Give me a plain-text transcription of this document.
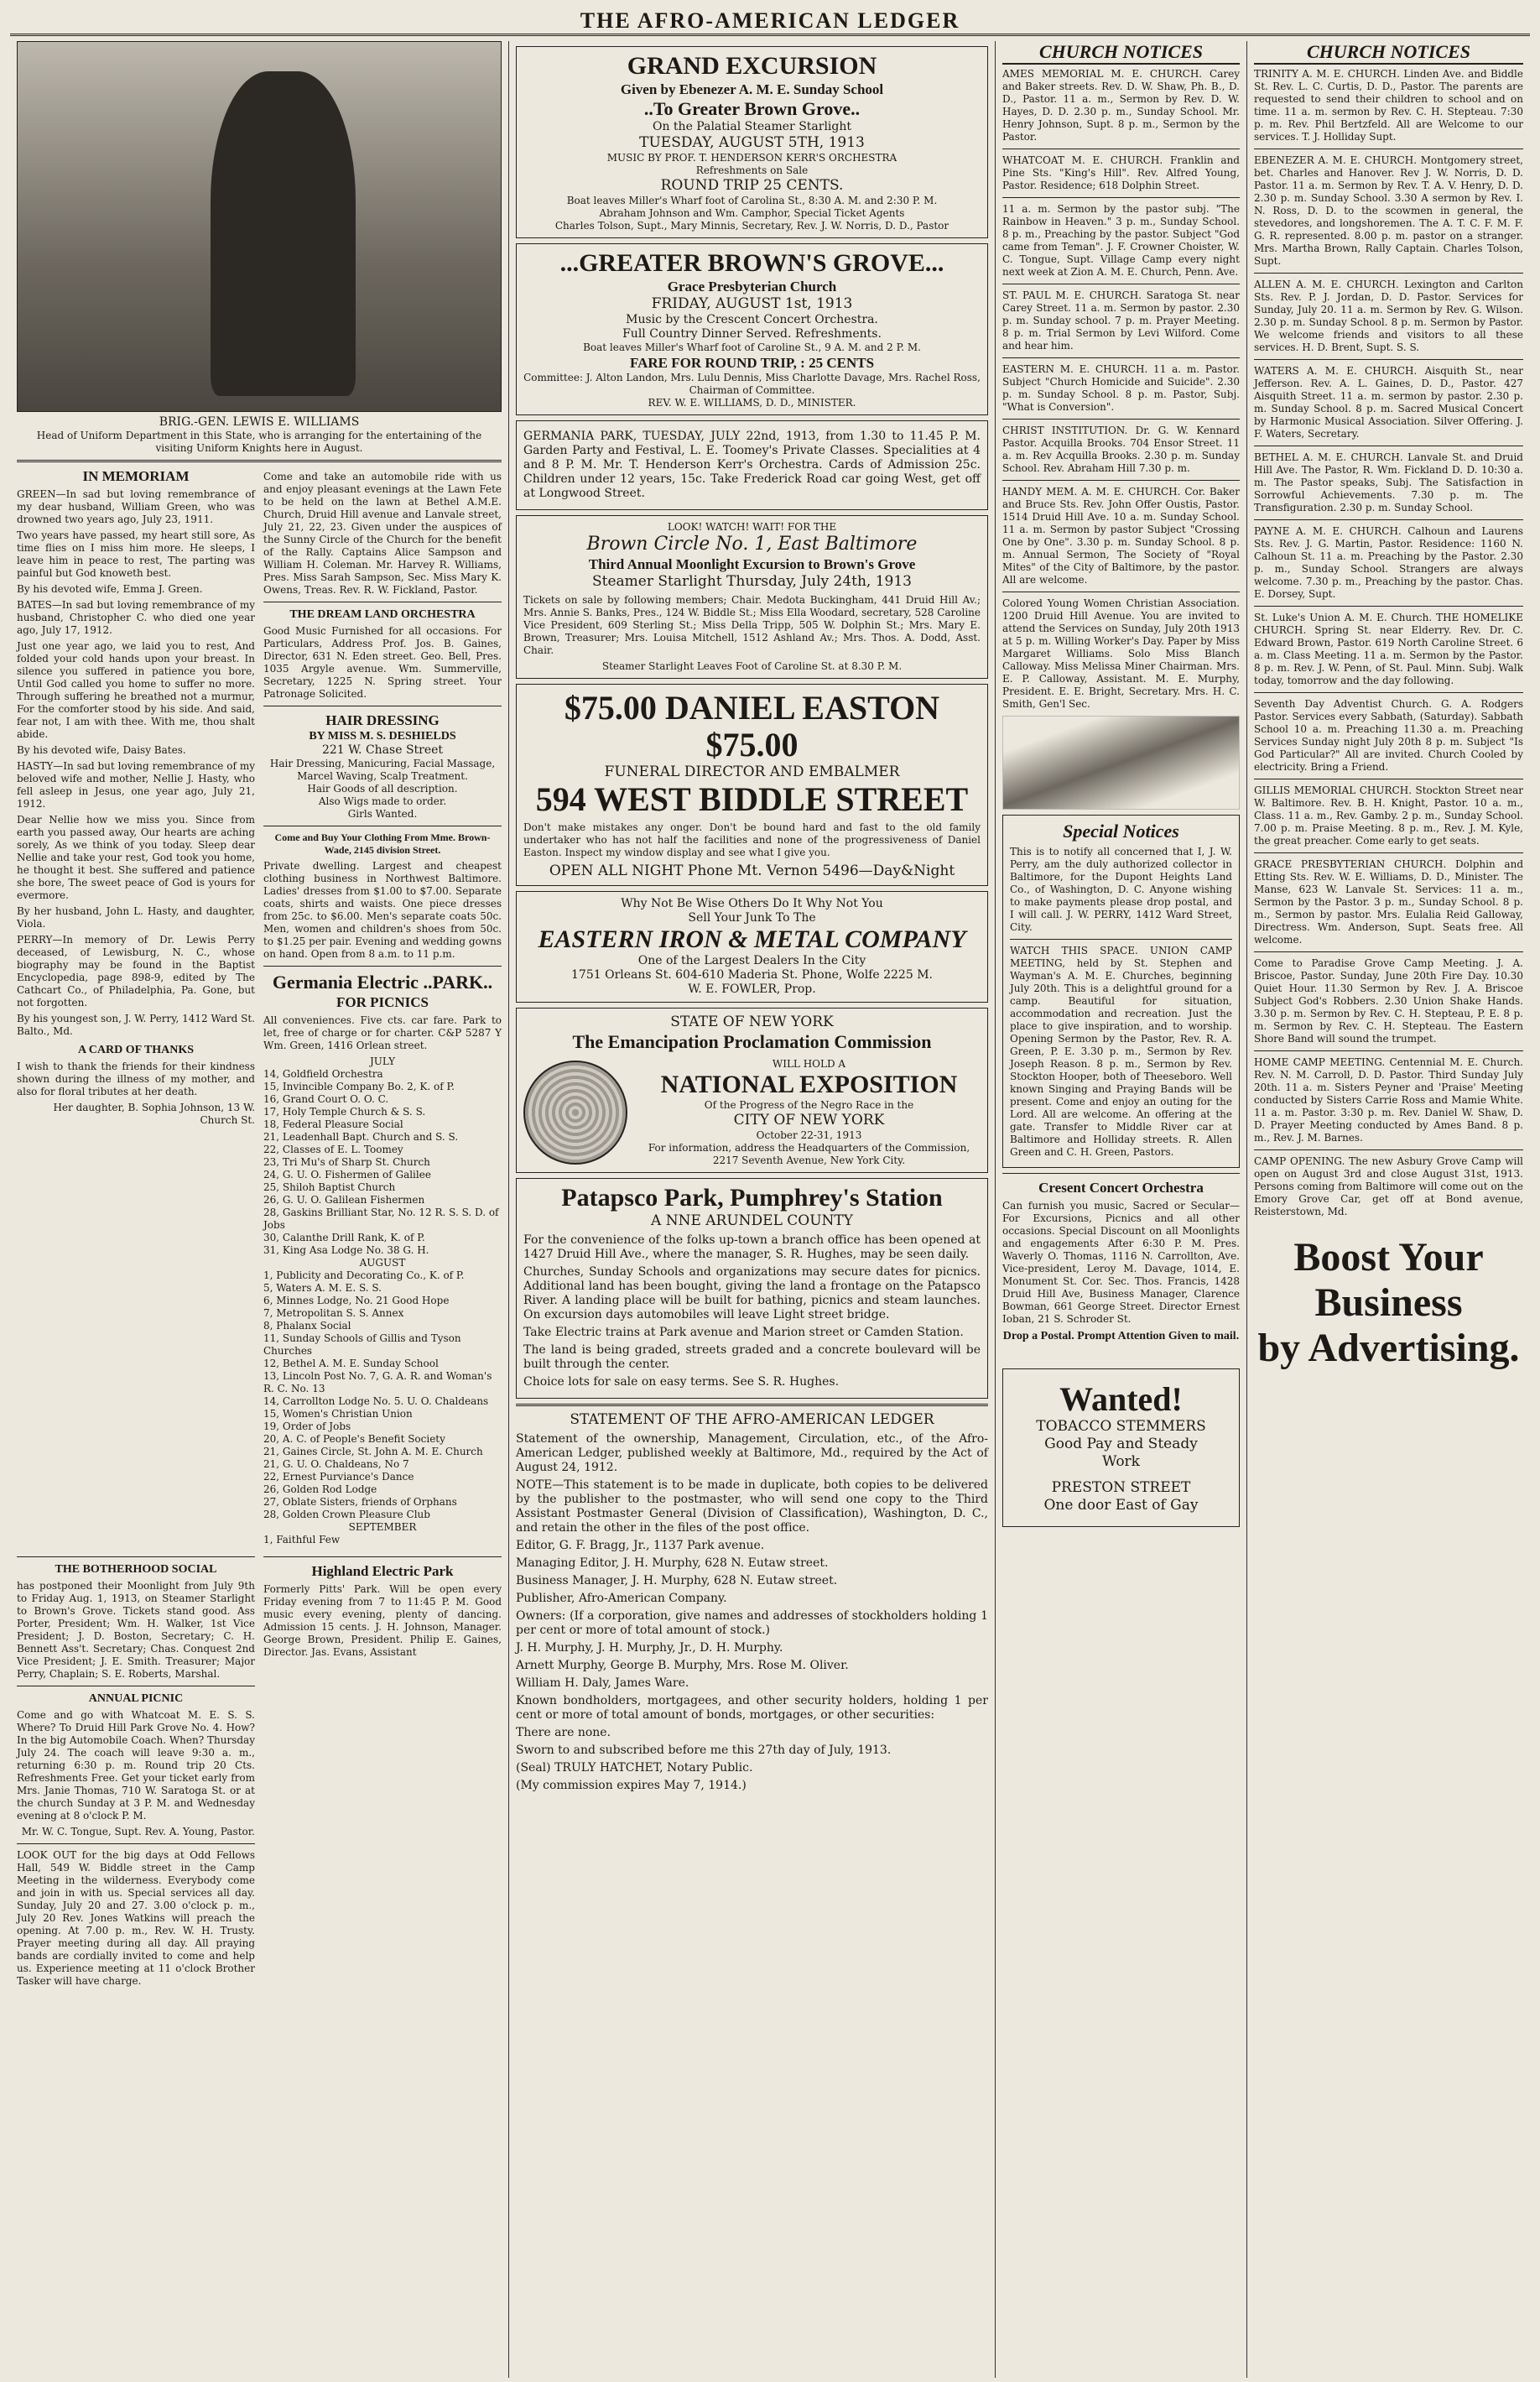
THE AFRO-AMERICAN LEDGER
BRIG.-GEN. LEWIS E. WILLIAMS
Head of Uniform Department in this State, who is arranging for the entertaining of the visiting Uniform Knights here in August.
IN MEMORIAM

GREEN—In sad but loving remembrance of my dear husband, William Green, who was drowned two years ago, July 23, 1911.

Two years have passed, my heart still sore, As time flies on I miss him more. He sleeps, I leave him in peace to rest, The parting was painful but God knoweth best.

By his devoted wife, Emma J. Green.

BATES—In sad but loving remembrance of my husband, Christopher C. who died one year ago, July 17, 1912.

Just one year ago, we laid you to rest, And folded your cold hands upon your breast. In silence you suffered in patience you bore, Until God called you home to suffer no more. Through suffering he breathed not a murmur, For the comforter stood by his side. And said, fear not, I am with thee. With me, thou shalt abide.

By his devoted wife, Daisy Bates.

HASTY—In sad but loving remembrance of my beloved wife and mother, Nellie J. Hasty, who fell asleep in Jesus, one year ago, July 21, 1912.

Dear Nellie how we miss you. Since from earth you passed away, Our hearts are aching sorely, As we think of you today. Sleep dear Nellie and take your rest, God took you home, he thought it best. She suffered and patience she bore, The sweet peace of God is yours for evermore.

By her husband, John L. Hasty, and daughter, Viola.

PERRY—In memory of Dr. Lewis Perry deceased, of Lewisburg, N. C., whose biography may be found in the Baptist Encyclopedia, page 898-9, edited by The Cathcart Co., of Philadelphia, Pa. Gone, but not forgotten.

By his youngest son, J. W. Perry, 1412 Ward St. Balto., Md.

A CARD OF THANKS

I wish to thank the friends for their kindness shown during the illness of my mother, and also for floral tributes at her death.

Her daughter, B. Sophia Johnson, 13 W. Church St.

Come and take an automobile ride with us and enjoy pleasant evenings at the Lawn Fete to be held on the lawn at Bethel A.M.E. Church, Druid Hill avenue and Lanvale street, July 21, 22, 23. Given under the auspices of the Sunny Circle of the Church for the benefit of the Rally. Captains Alice Sampson and William H. Coleman. Mr. Harvey R. Williams, Pres. Miss Sarah Sampson, Sec. Miss Mary K. Owens, Treas. Rev. R. W. Fickland, Pastor.

THE DREAM LAND ORCHESTRA

Good Music Furnished for all occasions. For Particulars, Address Prof. Jos. B. Gaines, Director, 631 N. Eden street. Geo. Bell, Pres. 1035 Argyle avenue. Wm. Summerville, Secretary, 1225 N. Spring street. Your Patronage Solicited.

HAIR DRESSING
BY MISS M. S. DESHIELDS
221 W. Chase Street
Hair Dressing, Manicuring, Facial Massage, Marcel Waving, Scalp Treatment.
Hair Goods of all description.
Also Wigs made to order.
Girls Wanted.
Come and Buy Your Clothing From Mme. Brown-Wade, 2145 division Street.

Private dwelling. Largest and cheapest clothing business in Northwest Baltimore. Ladies' dresses from $1.00 to $7.00. Separate coats, shirts and waists. One piece dresses from 25c. to $6.00. Men's separate coats 50c. Men, women and children's shoes from 50c. to $1.25 per pair. Evening and wedding gowns on hand. Open from 8 a.m. to 11 p.m.

Germania Electric ..PARK..
FOR PICNICS

All conveniences. Five cts. car fare. Park to let, free of charge or for charter. C&P 5287 Y Wm. Green, 1416 Orlean street.

JULY
14, Goldfield Orchestra
15, Invincible Company Bo. 2, K. of P.
16, Grand Court O. O. C.
17, Holy Temple Church & S. S.
18, Federal Pleasure Social
21, Leadenhall Bapt. Church and S. S.
22, Classes of E. L. Toomey
23, Tri Mu's of Sharp St. Church
24, G. U. O. Fishermen of Galilee
25, Shiloh Baptist Church
26, G. U. O. Galilean Fishermen
28, Gaskins Brilliant Star, No. 12 R. S. S. D. of Jobs
30, Calanthe Drill Rank, K. of P.
31, King Asa Lodge No. 38 G. H.
AUGUST
1, Publicity and Decorating Co., K. of P.
5, Waters A. M. E. S. S.
6, Minnes Lodge, No. 21 Good Hope
7, Metropolitan S. S. Annex
8, Phalanx Social
11, Sunday Schools of Gillis and Tyson Churches
12, Bethel A. M. E. Sunday School
13, Lincoln Post No. 7, G. A. R. and Woman's R. C. No. 13
14, Carrollton Lodge No. 5. U. O. Chaldeans
15, Women's Christian Union
19, Order of Jobs
20, A. C. of People's Benefit Society
21, Gaines Circle, St. John A. M. E. Church
21, G. U. O. Chaldeans, No 7
22, Ernest Purviance's Dance
26, Golden Rod Lodge
27, Oblate Sisters, friends of Orphans
28, Golden Crown Pleasure Club
SEPTEMBER
1, Faithful Few
THE BOTHERHOOD SOCIAL

has postponed their Moonlight from July 9th to Friday Aug. 1, 1913, on Steamer Starlight to Brown's Grove. Tickets stand good. Ass Porter, President; Wm. H. Walker, 1st Vice President; J. D. Boston, Secretary; C. H. Bennett Ass't. Secretary; Chas. Conquest 2nd Vice President; J. E. Smith. Treasurer; Major Perry, Chaplain; S. E. Roberts, Marshal.

ANNUAL PICNIC

Come and go with Whatcoat M. E. S. S. Where? To Druid Hill Park Grove No. 4. How? In the big Automobile Coach. When? Thursday July 24. The coach will leave 9:30 a. m., returning 6:30 p. m. Round trip 20 Cts. Refreshments Free. Get your ticket early from Mrs. Janie Thomas, 710 W. Saratoga St. or at the church Sunday at 3 P. M. and Wednesday evening at 8 o'clock P. M.

Mr. W. C. Tongue, Supt. Rev. A. Young, Pastor.

LOOK OUT for the big days at Odd Fellows Hall, 549 W. Biddle street in the Camp Meeting in the wilderness. Everybody come and join in with us. Special services all day. Sunday, July 20 and 27. 3.00 o'clock p. m., July 20 Rev. Jones Watkins will preach the opening. At 7.00 p. m., Rev. W. H. Trusty. Prayer meeting during all day. All praying bands are cordially invited to come and help us. Experience meeting at 11 o'clock Brother Tasker will have charge.

Highland Electric Park

Formerly Pitts' Park. Will be open every Friday evening from 7 to 11:45 P. M. Good music every evening, plenty of dancing. Admission 15 cents. J. H. Johnson, Manager. George Brown, President. Philip E. Gaines, Director. Jas. Evans, Assistant

GRAND EXCURSION
Given by Ebenezer A. M. E. Sunday School
..To Greater Brown Grove..
On the Palatial Steamer Starlight
TUESDAY, AUGUST 5TH, 1913
MUSIC BY PROF. T. HENDERSON KERR'S ORCHESTRA
Refreshments on Sale
ROUND TRIP 25 CENTS.
Boat leaves Miller's Wharf foot of Carolina St., 8:30 A. M. and 2:30 P. M.
Abraham Johnson and Wm. Camphor, Special Ticket Agents
Charles Tolson, Supt., Mary Minnis, Secretary, Rev. J. W. Norris, D. D., Pastor
...GREATER BROWN'S GROVE...
Grace Presbyterian Church
FRIDAY, AUGUST 1st, 1913
Music by the Crescent Concert Orchestra.
Full Country Dinner Served. Refreshments.
Boat leaves Miller's Wharf foot of Caroline St., 9 A. M. and 2 P. M.
FARE FOR ROUND TRIP, : 25 CENTS
Committee: J. Alton Landon, Mrs. Lulu Dennis, Miss Charlotte Davage, Mrs. Rachel Ross, Chairman of Committee.
REV. W. E. WILLIAMS, D. D., MINISTER.

GERMANIA PARK, TUESDAY, JULY 22nd, 1913, from 1.30 to 11.45 P. M. Garden Party and Festival, L. E. Toomey's Private Classes. Specialities at 4 and 8 P. M. Mr. T. Henderson Kerr's Orchestra. Cards of Admission 25c. Children under 12 years, 15c. Take Frederick Road car going West, get off at Longwood Street.

LOOK! WATCH! WAIT! FOR THE
Brown Circle No. 1, East Baltimore
Third Annual Moonlight Excursion to Brown's Grove
Steamer Starlight Thursday, July 24th, 1913

Tickets on sale by following members; Chair. Medota Buckingham, 441 Druid Hill Av.; Mrs. Annie S. Banks, Pres., 124 W. Biddle St.; Miss Ella Woodard, secretary, 528 Caroline Vice President, 609 Sterling St.; Miss Della Tripp, 505 W. Dolphin St.; Mrs. Mary E. Brown, Treasurer; Mrs. Louisa Mitchell, 1512 Ashland Av.; Mrs. Thos. A. Dodd, Asst. Chair.

Steamer Starlight Leaves Foot of Caroline St. at 8.30 P. M.
$75.00 DANIEL EASTON $75.00
FUNERAL DIRECTOR AND EMBALMER
594 WEST BIDDLE STREET

Don't make mistakes any onger. Don't be bound hard and fast to the old family undertaker who has not half the facilities and none of the progressiveness of Daniel Easton. Inspect my window display and see what I give you.

OPEN ALL NIGHT Phone Mt. Vernon 5496—Day&Night
Why Not Be Wise Others Do It Why Not You
Sell Your Junk To The
EASTERN IRON & METAL COMPANY
One of the Largest Dealers In the City
1751 Orleans St. 604-610 Maderia St. Phone, Wolfe 2225 M.
W. E. FOWLER, Prop.
STATE OF NEW YORK
The Emancipation Proclamation Commission
WILL HOLD A
NATIONAL EXPOSITION
Of the Progress of the Negro Race in the
CITY OF NEW YORK
October 22-31, 1913
For information, address the Headquarters of the Commission, 2217 Seventh Avenue, New York City.
Patapsco Park, Pumphrey's Station
A NNE ARUNDEL COUNTY

For the convenience of the folks up-town a branch office has been opened at 1427 Druid Hill Ave., where the manager, S. R. Hughes, may be seen daily.

Churches, Sunday Schools and organizations may secure dates for picnics. Additional land has been bought, giving the land a frontage on the Patapsco River. A landing place will be built for bathing, picnics and steam launches. On excursion days automobiles will leave Light street bridge.

Take Electric trains at Park avenue and Marion street or Camden Station.

The land is being graded, streets graded and a concrete boulevard will be built through the center.

Choice lots for sale on easy terms. See S. R. Hughes.

STATEMENT OF THE AFRO-AMERICAN LEDGER

Statement of the ownership, Management, Circulation, etc., of the Afro-American Ledger, published weekly at Baltimore, Md., required by the Act of August 24, 1912.

NOTE—This statement is to be made in duplicate, both copies to be delivered by the publisher to the postmaster, who will send one copy to the Third Assistant Postmaster General (Division of Classification), Washington, D. C., and retain the other in the files of the post office.

Editor, G. F. Bragg, Jr., 1137 Park avenue.

Managing Editor, J. H. Murphy, 628 N. Eutaw street.

Business Manager, J. H. Murphy, 628 N. Eutaw street.

Publisher, Afro-American Company.

Owners: (If a corporation, give names and addresses of stockholders holding 1 per cent or more of total amount of stock.)

J. H. Murphy, J. H. Murphy, Jr., D. H. Murphy.

Arnett Murphy, George B. Murphy, Mrs. Rose M. Oliver.

William H. Daly, James Ware.

Known bondholders, mortgagees, and other security holders, holding 1 per cent or more of total amount of bonds, mortgages, or other securities:

There are none.

Sworn to and subscribed before me this 27th day of July, 1913.

(Seal) TRULY HATCHET, Notary Public.

(My commission expires May 7, 1914.)

CHURCH NOTICES

AMES MEMORIAL M. E. CHURCH. Carey and Baker streets. Rev. D. W. Shaw, Ph. B., D. D., Pastor. 11 a. m., Sermon by Rev. D. W. Hayes, D. D. 2.30 p. m., Sunday School. Mr. Henry Johnson, Supt. 8 p. m., Sermon by the Pastor.

WHATCOAT M. E. CHURCH. Franklin and Pine Sts. "King's Hill". Rev. Alfred Young, Pastor. Residence; 618 Dolphin Street.

11 a. m. Sermon by the pastor subj. "The Rainbow in Heaven." 3 p. m., Sunday School. 8 p. m., Preaching by the pastor. Subject "God came from Teman". J. F. Crowner Choister, W. C. Tongue, Supt. Village Camp every night next week at Zion A. M. E. Church, Penn. Ave.

ST. PAUL M. E. CHURCH. Saratoga St. near Carey Street. 11 a. m. Sermon by pastor. 2.30 p. m. Sunday school. 7 p. m. Prayer Meeting. 8 p. m. Trial Sermon by Levi Wilford. Come and hear him.

EASTERN M. E. CHURCH. 11 a. m. Pastor. Subject "Church Homicide and Suicide". 2.30 p. m. Sunday School. 8 p. m. Pastor, Subj. "What is Conversion".

CHRIST INSTITUTION. Dr. G. W. Kennard Pastor. Acquilla Brooks. 704 Ensor Street. 11 a. m. Rev Acquilla Brooks. 2.30 p. m. Sunday School. Rev. Abraham Hill 7.30 p. m.

HANDY MEM. A. M. E. CHURCH. Cor. Baker and Bruce Sts. Rev. John Offer Oustis, Pastor. 1514 Druid Hill Ave. 10 a. m. Sunday School. 11 a. m. Sermon by pastor Subject "Crossing One by One". 3.30 p. m. Sunday School. 8 p. m. Annual Sermon, The Society of "Royal Mites" of the City of Baltimore, by the pastor. All are welcome.

Colored Young Women Christian Association. 1200 Druid Hill Avenue. You are invited to attend the Services on Sunday, July 20th 1913 at 5 p. m. Willing Worker's Day. Paper by Miss Margaret Williams. Solo Miss Blanch Calloway. Miss Melissa Miner Chairman. Mrs. E. P. Calloway, Assistant. M. E. Murphy, President. E. E. Bright, Secretary. Mrs. H. C. Smith, Gen'l Sec.

Special Notices

This is to notify all concerned that I, J. W. Perry, am the duly authorized collector in Baltimore, for the Dupont Heights Land Co., of Washington, D. C. Anyone wishing to make payments please drop postal, and I will call. J. W. PERRY, 1412 Ward Street, City.

WATCH THIS SPACE. UNION CAMP MEETING, held by St. Stephen and Wayman's A. M. E. Churches, beginning July 20th. This is a delightful ground for a camp. Beautiful for situation, accommodation and recreation. Just the place to give inspiration, and to worship. Opening Sermon by the Pastor, Rev. R. A. Green, P. E. 3.30 p. m., Sermon by Rev. Joseph Reason. 8 p. m., Sermon by Rev. Stockton Hooper, both of Theeseboro. Well known Singing and Praying Bands will be present. Come and enjoy an outing for the Lord. All are welcome. An offering at the gate. Transfer to Middle River car at Baltimore and Holliday streets. R. Allen Green and C. H. Green, Pastors.

Cresent Concert Orchestra

Can furnish you music, Sacred or Secular—For Excursions, Picnics and all other occasions. Special Discount on all Moonlights and engagements After 6:30 P. M. Pres. Waverly O. Thomas, 1116 N. Carrollton, Ave. Vice-president, Leroy M. Davage, 1014, E. Monument St. Cor. Sec. Thos. Francis, 1428 Druid Hill Ave, Business Manager, Clarence Bowman, 661 George Street. Director Ernest Ioban, 21 S. Schroder St.

Drop a Postal. Prompt Attention Given to mail.
Wanted!
TOBACCO STEMMERS
Good Pay and Steady
Work
PRESTON STREET
One door East of Gay
CHURCH NOTICES

TRINITY A. M. E. CHURCH. Linden Ave. and Biddle St. Rev. L. C. Curtis, D. D., Pastor. The parents are requested to send their children to school and on time. 11 a. m. sermon by Rev. C. H. Stepteau. 7:30 p. m. Rev. Phil Bertzfeld. All are Welcome to our services. T. J. Holliday Supt.

EBENEZER A. M. E. CHURCH. Montgomery street, bet. Charles and Hanover. Rev J. W. Norris, D. D. Pastor. 11 a. m. Sermon by Rev. T. A. V. Henry, D. D. 2.30 p. m. Sunday School. 3.30 A sermon by Rev. I. N. Ross, D. D. to the scowmen in general, the stevedores, and longshoremen. The A. T. C. F. M. F. G. R. represented. 8.00 p. m. pastor on a stranger. Mrs. Martha Brown, Rally Captain. Charles Tolson, Supt.

ALLEN A. M. E. CHURCH. Lexington and Carlton Sts. Rev. P. J. Jordan, D. D. Pastor. Services for Sunday, July 20. 11 a. m. Sermon by Rev. G. Wilson. 2.30 p. m. Sunday School. 8 p. m. Sermon by Pastor. We welcome friends and visitors to all these services. H. D. Brent, Supt. S. S.

WATERS A. M. E. CHURCH. Aisquith St., near Jefferson. Rev. A. L. Gaines, D. D., Pastor. 427 Aisquith Street. 11 a. m. sermon by pastor. 2.30 p. m. Sunday School. 8 p. m. Sacred Musical Concert by Harmonic Musical Association. Silver Offering. J. F. Waters, Secretary.

BETHEL A. M. E. CHURCH. Lanvale St. and Druid Hill Ave. The Pastor, R. Wm. Fickland D. D. 10:30 a. m. The Pastor speaks, Subj. The Satisfaction in Sorrowful Achievements. 7.30 p. m. The Transfiguration. 2.30 p. m. Sunday School.

PAYNE A. M. E. CHURCH. Calhoun and Laurens Sts. Rev. J. G. Martin, Pastor. Residence: 1160 N. Calhoun St. 11 a. m. Preaching by the Pastor. 2.30 p. m., Sunday School. Strangers are always welcome. 7.30 p. m., Preaching by the pastor. Chas. E. Dorsey, Supt.

St. Luke's Union A. M. E. Church. THE HOMELIKE CHURCH. Spring St. near Elderry. Rev. Dr. C. Edward Brown, Pastor. 619 North Caroline Street. 6 a. m. Class Meeting. 11 a. m. Sermon by the Pastor. 8 p. m. Rev. J. W. Penn, of St. Paul. Minn. Subj. Walk today, tomorrow and the day following.

Seventh Day Adventist Church. G. A. Rodgers Pastor. Services every Sabbath, (Saturday). Sabbath School 10 a. m. Preaching 11.30 a. m. Preaching Services Sunday night July 20th 8 p. m. Subject "Is God Particular?" All are invited. Church Cooled by electricity. Bring a Friend.

GILLIS MEMORIAL CHURCH. Stockton Street near W. Baltimore. Rev. B. H. Knight, Pastor. 10 a. m., Class. 11 a. m., Rev. Gamby. 2 p. m., Sunday School. 7.00 p. m. Praise Meeting. 8 p. m., Rev. J. M. Kyle, the great preacher. Come early to get seats.

GRACE PRESBYTERIAN CHURCH. Dolphin and Etting Sts. Rev. W. E. Williams, D. D., Minister. The Manse, 623 W. Lanvale St. Services: 11 a. m., Sermon by the Pastor. 3 p. m., Sunday School. 8 p. m., Sermon by pastor. Mrs. Eulalia Reid Galloway, Directress. Wm. Anderson, Supt. Seats free. All welcome.

Come to Paradise Grove Camp Meeting. J. A. Briscoe, Pastor. Sunday, June 20th Fire Day. 10.30 Quiet Hour. 11.30 Sermon by Rev. J. A. Briscoe Subject God's Robbers. 2.30 Union Shake Hands. 3.30 p. m. Sermon by Rev. C. H. Stepteau, P. E. 8 p. m. Sermon by Rev. C. H. Stepteau. The Eastern Shore Band will sound the trumpet.

HOME CAMP MEETING. Centennial M. E. Church. Rev. N. M. Carroll, D. D. Pastor. Third Sunday July 20th. 11 a. m. Sisters Peyner and 'Praise' Meeting conducted by Sisters Carrie Ross and Mamie White. 11 a. m. Pastor. 3:30 p. m. Rev. Daniel W. Shaw, D. D. Prayer Meeting conducted by Ames Band. 8 p. m., Rev. J. M. Barnes.

CAMP OPENING. The new Asbury Grove Camp will open on August 3rd and close August 31st, 1913. Persons coming from Baltimore will come out on the Emory Grove Car, get off at Bond avenue, Reisterstown, Md.

Boost Your
Business
by Advertising.
